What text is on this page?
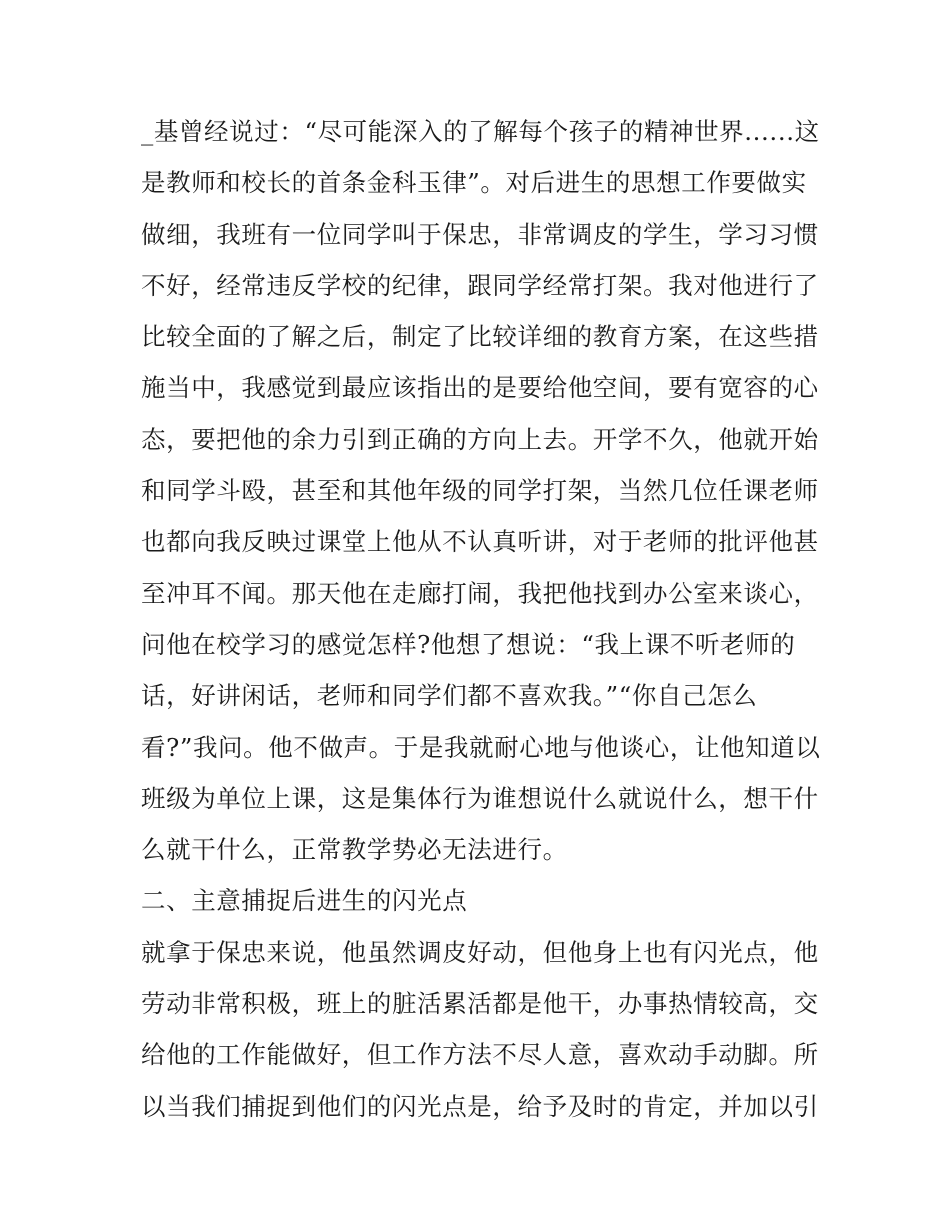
_基曾经说过：“尽可能深入的了解每个孩子的精神世界......这
是教师和校长的首条金科玉律”。对后进生的思想工作要做实
做细，我班有一位同学叫于保忠，非常调皮的学生，学习习惯
不好，经常违反学校的纪律，跟同学经常打架。我对他进行了
比较全面的了解之后，制定了比较详细的教育方案，在这些措
施当中，我感觉到最应该指出的是要给他空间，要有宽容的心
态，要把他的余力引到正确的方向上去。开学不久，他就开始
和同学斗殴，甚至和其他年级的同学打架，当然几位任课老师
也都向我反映过课堂上他从不认真听讲，对于老师的批评他甚
至冲耳不闻。那天他在走廊打闹，我把他找到办公室来谈心，
问他在校学习的感觉怎样?他想了想说：“我上课不听老师的
话，好讲闲话，老师和同学们都不喜欢我。”“你自己怎么
看?”我问。他不做声。于是我就耐心地与他谈心，让他知道以
班级为单位上课，这是集体行为谁想说什么就说什么，想干什
么就干什么，正常教学势必无法进行。
二、主意捕捉后进生的闪光点
就拿于保忠来说，他虽然调皮好动，但他身上也有闪光点，他
劳动非常积极，班上的脏活累活都是他干，办事热情较高，交
给他的工作能做好，但工作方法不尽人意，喜欢动手动脚。所
以当我们捕捉到他们的闪光点是，给予及时的肯定，并加以引
